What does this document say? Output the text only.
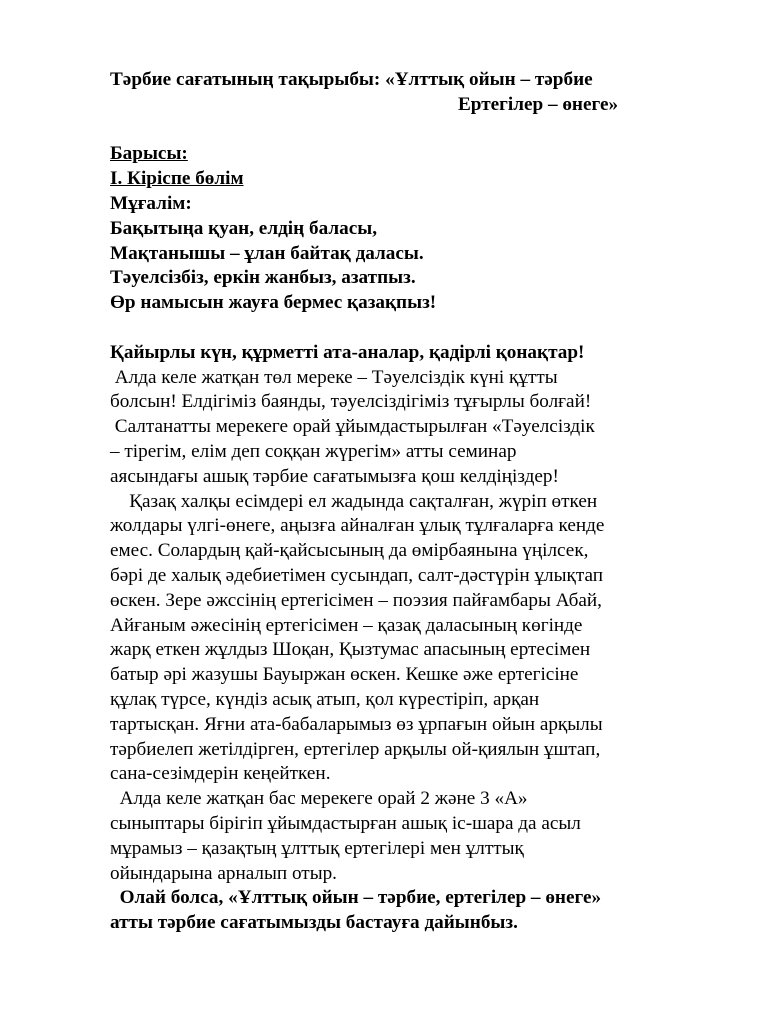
Тәрбие сағатының тақырыбы: «Ұлттық ойын – тәрбие
Ертегілер – өнеге»
Барысы:
І. Кіріспе бөлім
Мұғалім:
Бақытыңа қуан, елдің баласы,
Мақтанышы – ұлан байтақ даласы.
Тәуелсізбіз, еркін жанбыз, азатпыз.
Өр намысын жауға бермес қазақпыз!
Қайырлы күн, құрметті ата-аналар, қадірлі қонақтар!
Алда келе жатқан төл мереке – Тәуелсіздік күні құтты
болсын! Елдігіміз баянды, тәуелсіздігіміз тұғырлы болғай!
Салтанатты мерекеге орай ұйымдастырылған «Тәуелсіздік
– тірегім, елім деп соққан жүрегім» атты семинар
аясындағы ашық тәрбие сағатымызға қош келдіңіздер!
Қазақ халқы есімдері ел жадында сақталған, жүріп өткен
жолдары үлгі-өнеге, аңызға айналған ұлық тұлғаларға кенде
емес. Солардың қай-қайсысының да өмірбаянына үңілсек,
бәрі де халық әдебиетімен сусындап, салт-дәстүрін ұлықтап
өскен. Зере әжссінің ертегісімен – поэзия пайғамбары Абай,
Айғаным әжесінің ертегісімен – қазақ даласының көгінде
жарқ еткен жұлдыз Шоқан, Қызтумас апасының ертесімен
батыр әрі жазушы Бауыржан өскен. Кешке әже ертегісіне
құлақ түрсе, күндіз асық атып, қол күрестіріп, арқан
тартысқан. Яғни ата-бабаларымыз өз ұрпағын ойын арқылы
тәрбиелеп жетілдірген, ертегілер арқылы ой-қиялын ұштап,
сана-сезімдерін кеңейткен.
Алда келе жатқан бас мерекеге орай 2 және 3 «А»
сыныптары бірігіп ұйымдастырған ашық іс-шара да асыл
мұрамыз – қазақтың ұлттық ертегілері мен ұлттық
ойындарына арналып отыр.
Олай болса, «Ұлттық ойын – тәрбие, ертегілер – өнеге»
атты тәрбие сағатымызды бастауға дайынбыз.
